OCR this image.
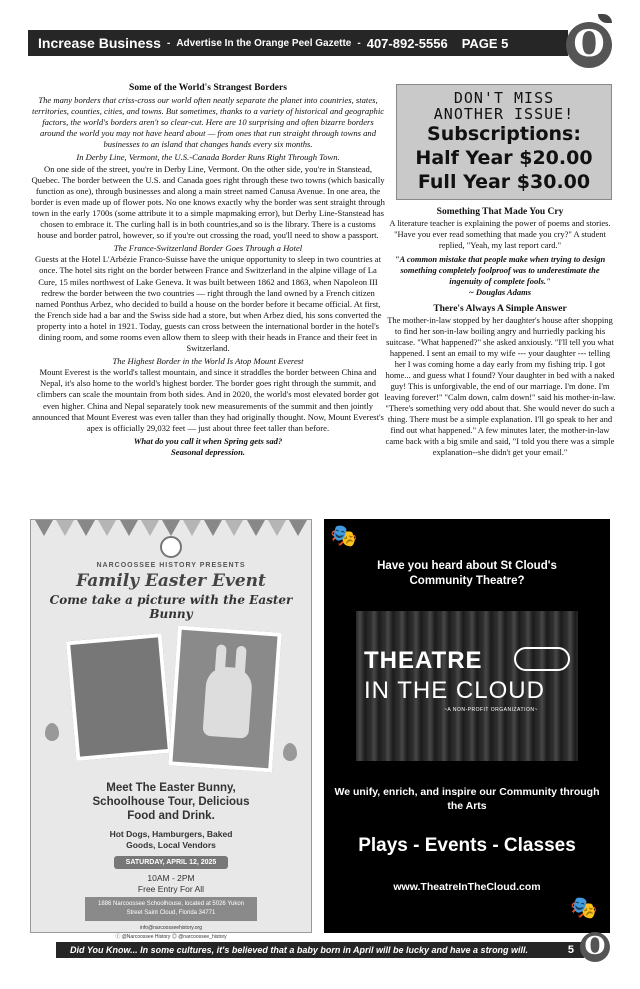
Increase Business - Advertise In the Orange Peel Gazette - 407-892-5556 PAGE 5 O
Some of the World's Strangest Borders
The many borders that criss-cross our world often neatly separate the planet into countries, states, territories, counties, cities, and towns. But sometimes, thanks to a variety of historical and geographic factors, the world's borders aren't so clear-cut. Here are 10 surprising and often bizarre borders around the world you may not have heard about — from ones that run straight through towns and businesses to an island that changes hands every six months.
In Derby Line, Vermont, the U.S.-Canada Border Runs Right Through Town.
On one side of the street, you're in Derby Line, Vermont. On the other side, you're in Stanstead, Quebec. The border between the U.S. and Canada goes right through these two towns (which basically function as one), through businesses and along a main street named Canusa Avenue. In one area, the border is even made up of flower pots. No one knows exactly why the border was sent straight through town in the early 1700s (some attribute it to a simple mapmaking error), but Derby Line-Stanstead has chosen to embrace it. The curling hall is in both countries,and so is the library. There is a customs house and border patrol, however, so if you're out crossing the road, you'll need to show a passport.
The France-Switzerland Border Goes Through a Hotel
Guests at the Hotel L'Arbézie Franco-Suisse have the unique opportunity to sleep in two countries at once. The hotel sits right on the border between France and Switzerland in the alpine village of La Cure, 15 miles northwest of Lake Geneva. It was built between 1862 and 1863, when Napoleon III redrew the border between the two countries — right through the land owned by a French citizen named Ponthus Arbez, who decided to build a house on the border before it became official. At first, the French side had a bar and the Swiss side had a store, but when Arbez died, his sons converted the property into a hotel in 1921. Today, guests can cross between the international border in the hotel's dining room, and some rooms even allow them to sleep with their heads in France and their feet in Switzerland.
The Highest Border in the World Is Atop Mount Everest
Mount Everest is the world's tallest mountain, and since it straddles the border between China and Nepal, it's also home to the world's highest border. The border goes right through the summit, and climbers can scale the mountain from both sides. And in 2020, the world's most elevated border got even higher. China and Nepal separately took new measurements of the summit and then jointly announced that Mount Everest was even taller than they had originally thought. Now, Mount Everest's apex is officially 29,032 feet — just about three feet taller than before.
What do you call it when Spring gets sad?
Seasonal depression.
DON'T MISS
ANOTHER ISSUE!
Subscriptions:
Half Year $20.00
Full Year $30.00
Something That Made You Cry
A literature teacher is explaining the power of poems and stories. "Have you ever read something that made you cry?" A student replied, "Yeah, my last report card."
"A common mistake that people make when trying to design something completely foolproof was to underestimate the ingenuity of complete fools."
~ Douglas Adams
There's Always A Simple Answer
The mother-in-law stopped by her daughter's house after shopping to find her son-in-law boiling angry and hurriedly packing his suitcase. "What happened?" she asked anxiously. "I'll tell you what happened. I sent an email to my wife --- your daughter --- telling her I was coming home a day early from my fishing trip. I got home... and guess what I found? Your daughter in bed with a naked guy! This is unforgivable, the end of our marriage. I'm done. I'm leaving forever!" "Calm down, calm down!" said his mother-in-law. "There's something very odd about that. She would never do such a thing. There must be a simple explanation. I'll go speak to her and find out what happened." A few minutes later, the mother-in-law came back with a big smile and said, "I told you there was a simple explanation--she didn't get your email."
NARCOOSSEE HISTORY PRESENTS
Family Easter Event
Come take a picture with the Easter Bunny
Meet The Easter Bunny, Schoolhouse Tour, Delicious Food and Drink.
Hot Dogs, Hamburgers, Baked Goods, Local Vendors
SATURDAY, APRIL 12, 2025
10AM - 2PM
Free Entry For All
1886 Narcoossee Schoolhouse, located at 5026 Yukon Street Saint Cloud, Florida 34771
info@narcoosseehistory.org
ⓕ @Narcoossee History ◎ @narcoossee_history
🎭
Have you heard about St Cloud's Community Theatre?
THEATRE
IN THE CLOUD
~A NON-PROFIT ORGANIZATION~
We unify, enrich, and inspire our Community through the Arts
Plays - Events - Classes
www.TheatreInTheCloud.com
🎭
Did You Know... In some cultures, it's believed that a baby born in April will be lucky and have a strong will.	5 O
